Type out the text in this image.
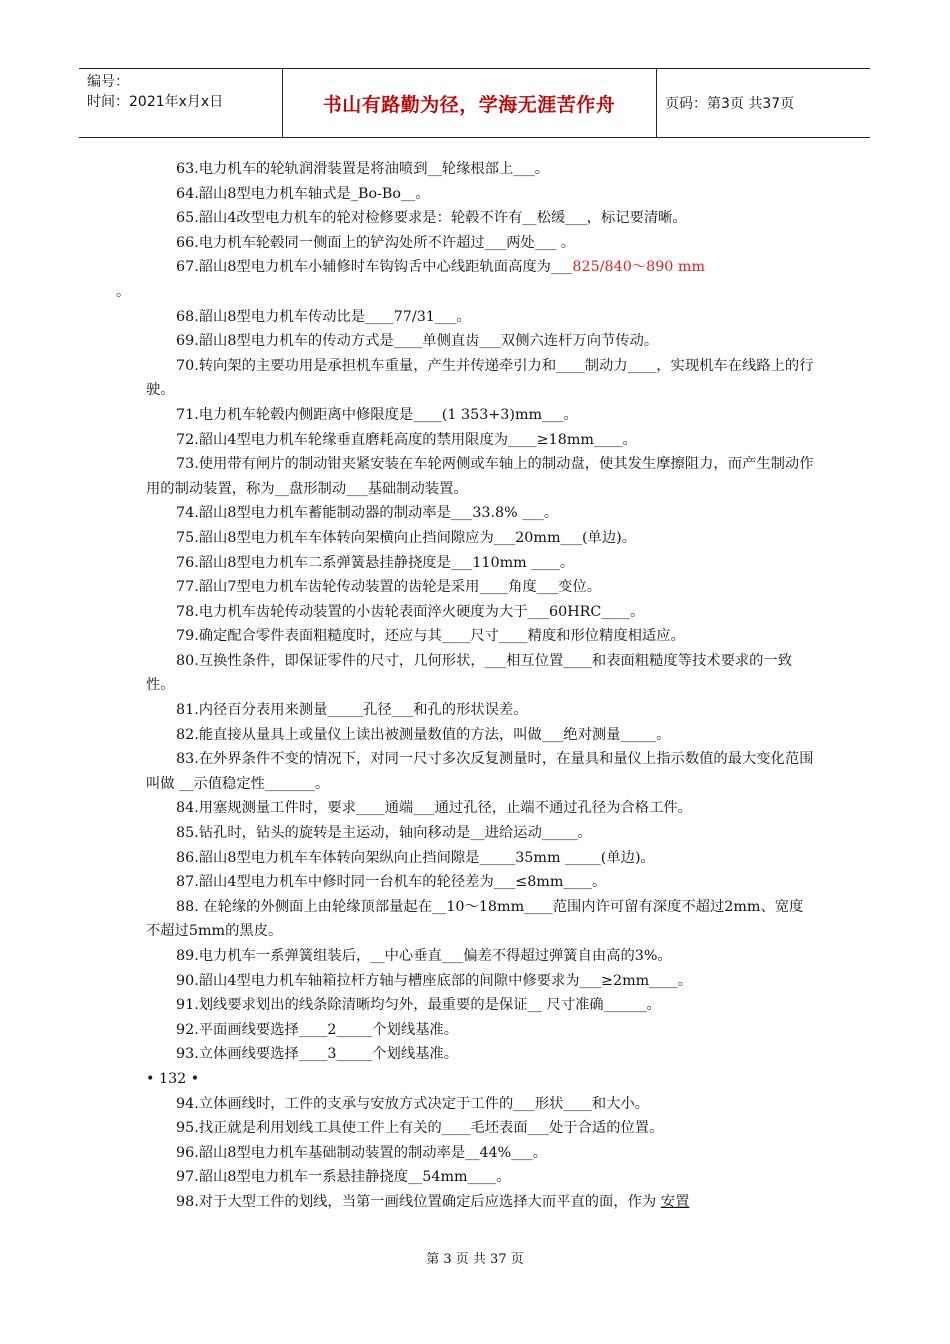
编号：
时间：2021年x月x日	书山有路勤为径，学海无涯苦作舟	页码：第3页 共37页

63.电力机车的轮轨润滑装置是将油喷到__轮缘根部上___。

64.韶山8型电力机车轴式是_Bo-Bo__。

65.韶山4改型电力机车的轮对检修要求是：轮毂不许有__松缓___，标记要清晰。

66.电力机车轮毂同一侧面上的铲沟处所不许超过___两处___ 。

67.韶山8型电力机车小辅修时车钩钩舌中心线距轨面高度为___825/840～890 mm
。

68.韶山8型电力机车传动比是____77/31___。

69.韶山8型电力机车的传动方式是____单侧直齿___双侧六连杆万向节传动。

70.转向架的主要功用是承担机车重量，产生并传递牵引力和____制动力____，实现机车在线路上的行驶。

71.电力机车轮毂内侧距离中修限度是____(1 353+3)mm___。

72.韶山4型电力机车轮缘垂直磨耗高度的禁用限度为____≥18mm____。

73.使用带有闸片的制动钳夹紧安装在车轮两侧或车轴上的制动盘，使其发生摩擦阻力，而产生制动作用的制动装置，称为__盘形制动___基础制动装置。

74.韶山8型电力机车蓄能制动器的制动率是___33.8% ___。

75.韶山8型电力机车车体转向架横向止挡间隙应为___20mm___(单边)。

76.韶山8型电力机车二系弹簧悬挂静挠度是___110mm ____。

77.韶山7型电力机车齿轮传动装置的齿轮是采用____角度___变位。

78.电力机车齿轮传动装置的小齿轮表面淬火硬度为大于___60HRC____。

79.确定配合零件表面粗糙度时，还应与其____尺寸____精度和形位精度相适应。

80.互换性条件，即保证零件的尺寸，几何形状，___相互位置____和表面粗糙度等技术要求的一致性。

81.内径百分表用来测量_____孔径___和孔的形状误差。

82.能直接从量具上或量仪上读出被测量数值的方法，叫做___绝对测量_____。

83.在外界条件不变的情况下，对同一尺寸多次反复测量时，在量具和量仪上指示数值的最大变化范围叫做 __示值稳定性_______。

84.用塞规测量工件时，要求____通端___通过孔径，止端不通过孔径为合格工件。

85.钻孔时，钻头的旋转是主运动，轴向移动是__进给运动_____。

86.韶山8型电力机车车体转向架纵向止挡间隙是_____35mm _____(单边)。

87.韶山4型电力机车中修时同一台机车的轮径差为___≤8mm____。

88. 在轮缘的外侧面上由轮缘顶部量起在__10～18mm____范围内许可留有深度不超过2mm、宽度不超过5mm的黑皮。

89.电力机车一系弹簧组装后，__中心垂直___偏差不得超过弹簧自由高的3%。

90.韶山4型电力机车轴箱拉杆方轴与槽座底部的间隙中修要求为___≥2mm____。

91.划线要求划出的线条除清晰均匀外，最重要的是保证__ 尺寸准确______。

92.平面画线要选择____2_____个划线基准。

93.立体画线要选择____3_____个划线基准。

• 132 •

94.立体画线时，工件的支承与安放方式决定于工件的___形状____和大小。

95.找正就是利用划线工具使工件上有关的____毛坯表面___处于合适的位置。

96.韶山8型电力机车基础制动装置的制动率是__44%___。

97.韶山8型电力机车一系悬挂静挠度__54mm____。

98.对于大型工件的划线，当第一画线位置确定后应选择大而平直的面，作为 安置

第 3 页 共 37 页
